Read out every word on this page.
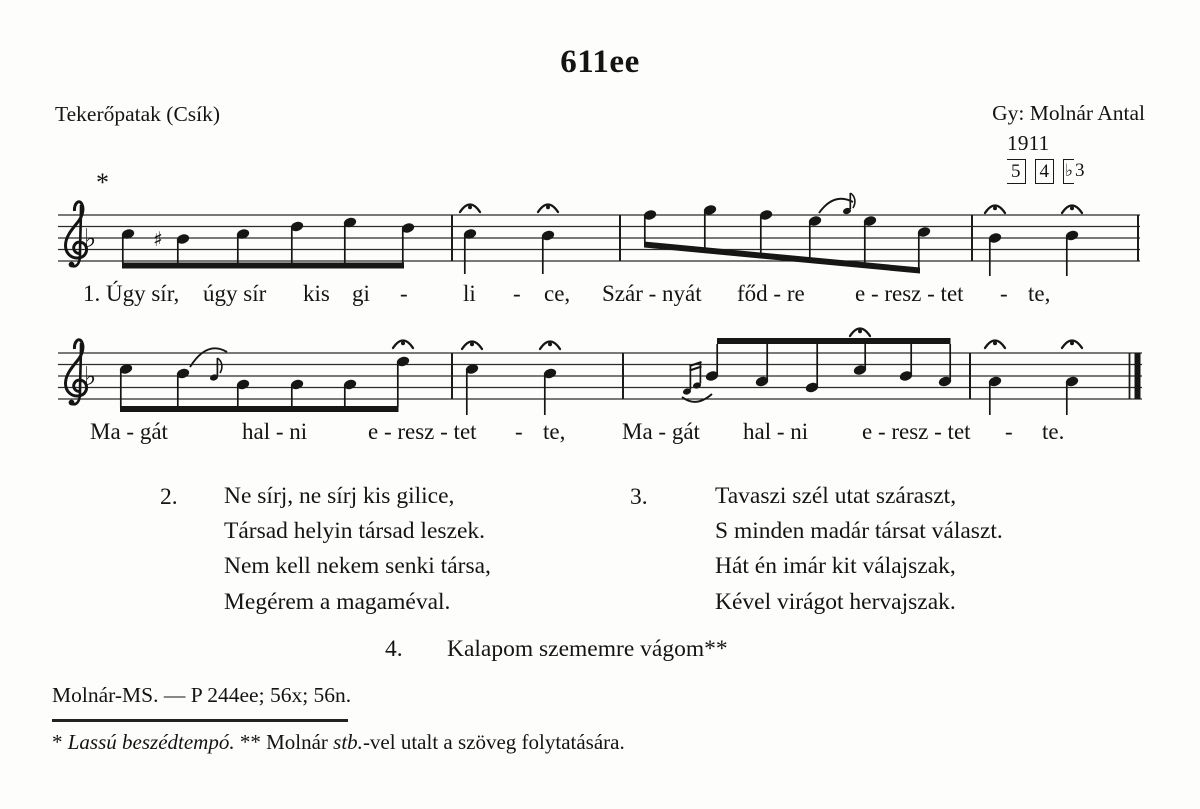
611ee
Tekerőpatak (Csík)	Gy: Molnár Antal
1911
5 4 ♭ 3
*
♭	♯
♭
1. Úgy sír, úgy sír kis gi - li - ce, Szár - nyát főd - re e - resz - tet - te,
Ma - gát	hal - ni	e - resz - tet - te, Ma - gát hal - ni e - resz - tet - te.
2. Ne sírj, ne sírj kis gilice,
Társad helyin társad leszek.
Nem kell nekem senki társa,
Megérem a magaméval.
3.	Tavaszi szél utat száraszt,
S minden madár társat választ.
Hát én imár kit válajszak,
Kével virágot hervajszak.
4. Kalapom szememre vágom**
Molnár-MS. — P 244ee; 56x; 56n.
* Lassú beszédtempó. ** Molnár stb.-vel utalt a szöveg folytatására.
